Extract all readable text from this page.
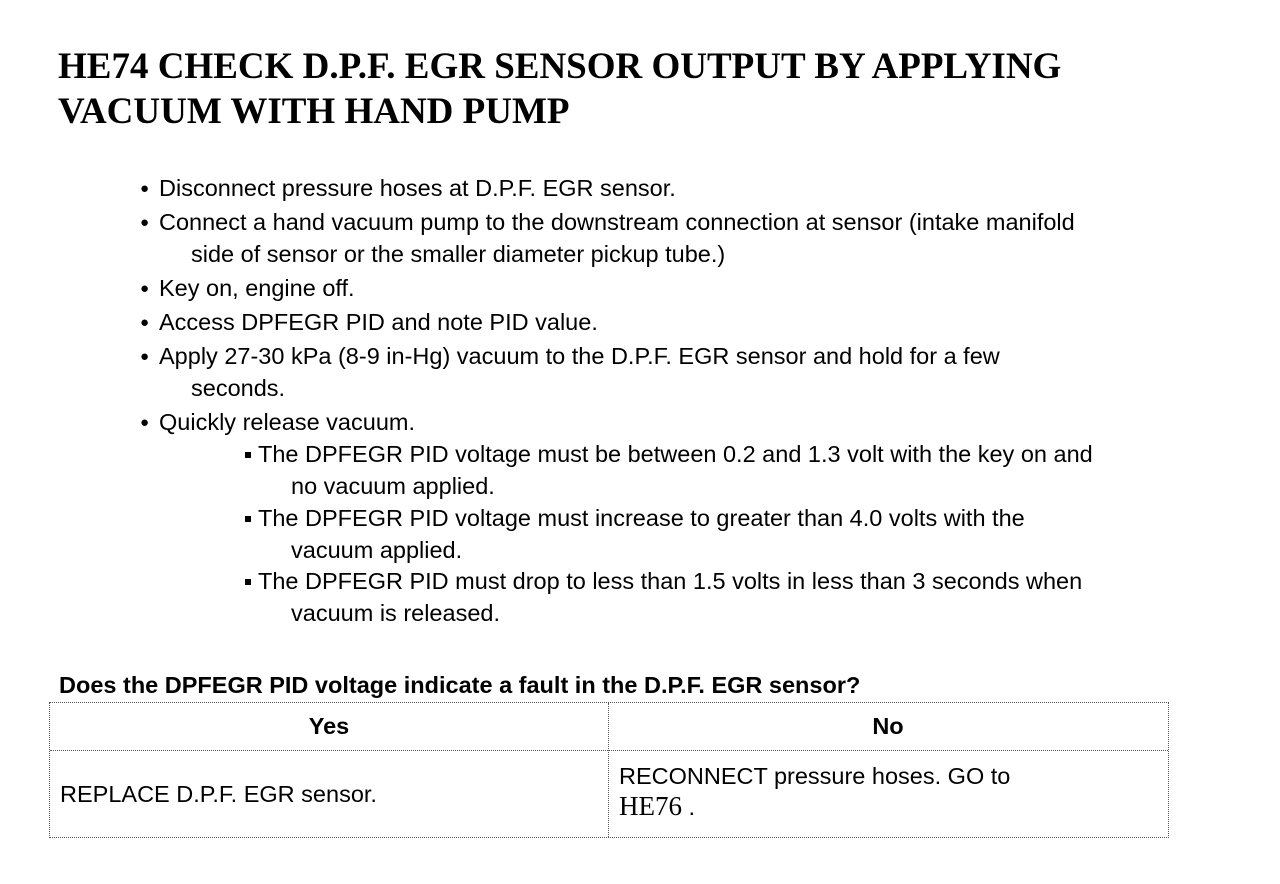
HE74 CHECK D.P.F. EGR SENSOR OUTPUT BY APPLYING
VACUUM WITH HAND PUMP
● Disconnect pressure hoses at D.P.F. EGR sensor.
● Connect a hand vacuum pump to the downstream connection at sensor (intake manifold
side of sensor or the smaller diameter pickup tube.)
● Key on, engine off.
● Access DPFEGR PID and note PID value.
● Apply 27-30 kPa (8-9 in-Hg) vacuum to the D.P.F. EGR sensor and hold for a few
seconds.
● Quickly release vacuum.
The DPFEGR PID voltage must be between 0.2 and 1.3 volt with the key on and
no vacuum applied.
The DPFEGR PID voltage must increase to greater than 4.0 volts with the
vacuum applied.
The DPFEGR PID must drop to less than 1.5 volts in less than 3 seconds when
vacuum is released.
Does the DPFEGR PID voltage indicate a fault in the D.P.F. EGR sensor?
Yes	No
REPLACE D.P.F. EGR sensor.
RECONNECT pressure hoses. GO to
HE76 .
